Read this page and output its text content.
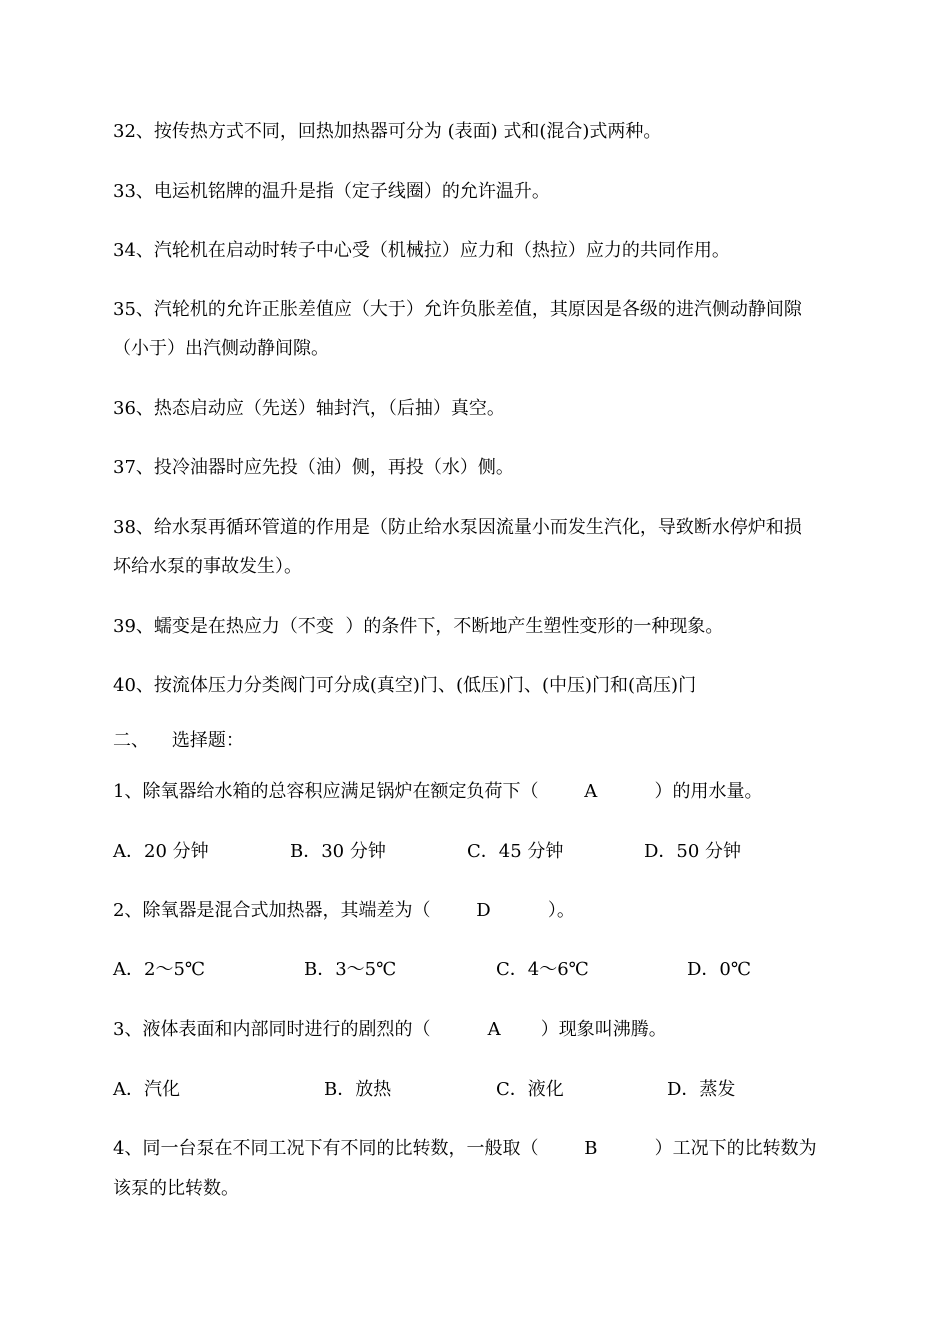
32、按传热方式不同，回热加热器可分为 (表面) 式和(混合)式两种。
33、电运机铭牌的温升是指（定子线圈）的允许温升。
34、汽轮机在启动时转子中心受（机械拉）应力和（热拉）应力的共同作用。
35、汽轮机的允许正胀差值应（大于）允许负胀差值，其原因是各级的进汽侧动静间隙
（小于）出汽侧动静间隙。
36、热态启动应（先送）轴封汽，（后抽）真空。
37、投冷油器时应先投（油）侧，再投（水）侧。
38、给水泵再循环管道的作用是（防止给水泵因流量小而发生汽化，导致断水停炉和损
坏给水泵的事故发生）。
39、蠕变是在热应力（不变  ）的条件下，不断地产生塑性变形的一种现象。
40、按流体压力分类阀门可分成(真空)门、(低压)门、(中压)门和(高压)门
二、    选择题：
1、除氧器给水箱的总容积应满足锅炉在额定负荷下（        A          ）的用水量。
A．20 分钟	B．30 分钟	C．45 分钟	D．50 分钟
2、除氧器是混合式加热器，其端差为（        D          ）。
A．2～5℃	B．3～5℃	C．4～6℃	D．0℃
3、液体表面和内部同时进行的剧烈的（          A       ）现象叫沸腾。
A．汽化	B．放热	C．液化	D．蒸发
4、同一台泵在不同工况下有不同的比转数，一般取（        B          ）工况下的比转数为
该泵的比转数。
